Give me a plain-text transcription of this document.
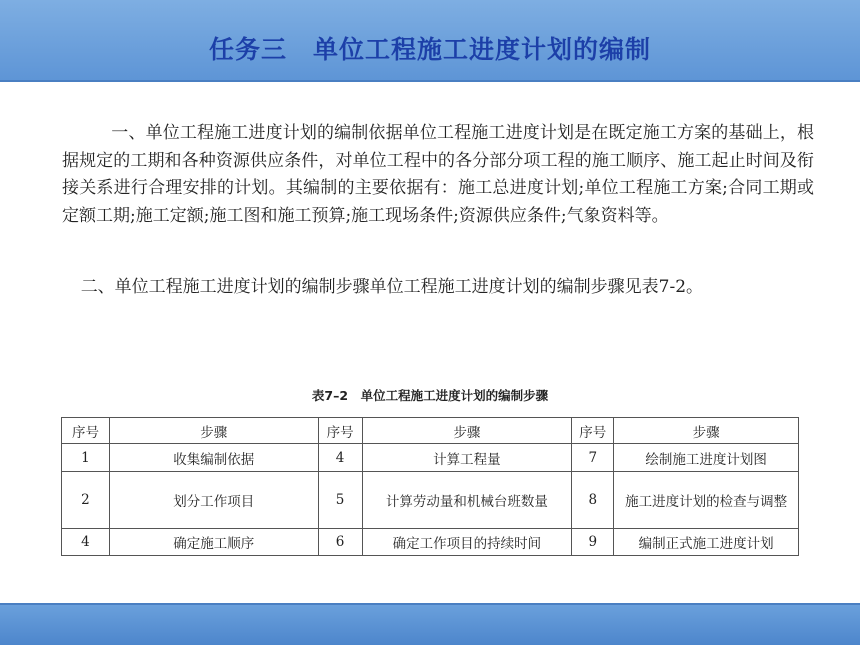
任务三　单位工程施工进度计划的编制

一、单位工程施工进度计划的编制依据单位工程施工进度计划是在既定施工方案的基础上，根据规定的工期和各种资源供应条件，对单位工程中的各分部分项工程的施工顺序、施工起止时间及衔接关系进行合理安排的计划。其编制的主要依据有：施工总进度计划;单位工程施工方案;合同工期或定额工期;施工定额;施工图和施工预算;施工现场条件;资源供应条件;气象资料等。

二、单位工程施工进度计划的编制步骤单位工程施工进度计划的编制步骤见表7-2。

表7–2　单位工程施工进度计划的编制步骤
序号	步骤	序号	步骤	序号	步骤
1	收集编制依据	4	计算工程量	7	绘制施工进度计划图
2	划分工作项目	5	计算劳动量和机械台班数量	8	施工进度计划的检查与调整
4	确定施工顺序	6	确定工作项目的持续时间	9	编制正式施工进度计划
